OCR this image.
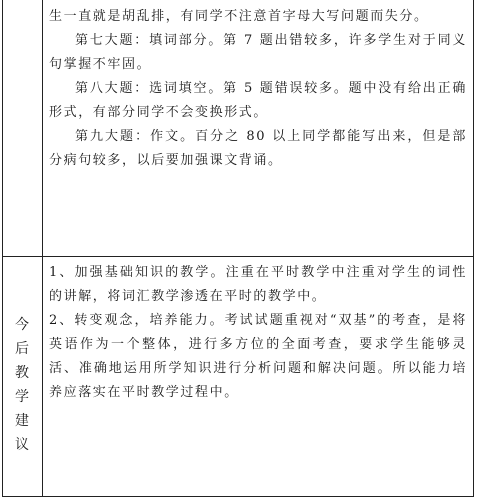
生一直就是胡乱排，有同学不注意首字母大写问题而失分。

第七大题：填词部分。第 7 题出错较多，许多学生对于同义句掌握不牢固。

第八大题：选词填空。第 5 题错误较多。题中没有给出正确形式，有部分同学不会变换形式。

第九大题：作文。百分之 80 以上同学都能写出来，但是部分病句较多，以后要加强课文背诵。

今后教学建议

1、加强基础知识的教学。注重在平时教学中注重对学生的词性的讲解，将词汇教学渗透在平时的教学中。

2、转变观念，培养能力。考试试题重视对“双基”的考查，是将英语作为一个整体，进行多方位的全面考查，要求学生能够灵活、准确地运用所学知识进行分析问题和解决问题。所以能力培养应落实在平时教学过程中。
